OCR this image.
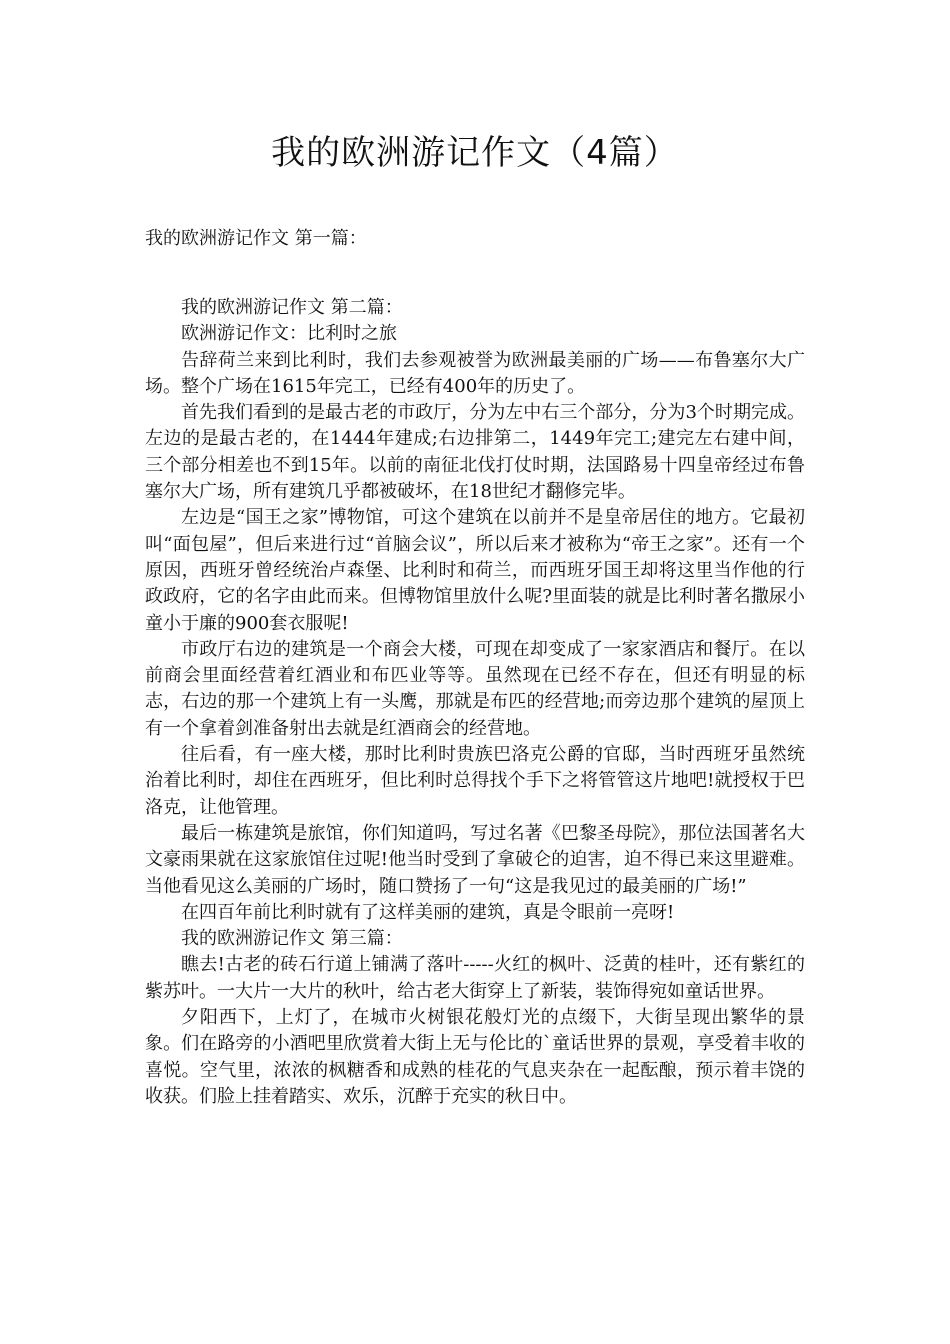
我的欧洲游记作文（4篇）

我的欧洲游记作文 第一篇：

我的欧洲游记作文 第二篇：

欧洲游记作文：比利时之旅

告辞荷兰来到比利时，我们去参观被誉为欧洲最美丽的广场——布鲁塞尔大广场。整个广场在1615年完工，已经有400年的历史了。

首先我们看到的是最古老的市政厅，分为左中右三个部分，分为3个时期完成。左边的是最古老的，在1444年建成;右边排第二，1449年完工;建完左右建中间，三个部分相差也不到15年。以前的南征北伐打仗时期，法国路易十四皇帝经过布鲁塞尔大广场，所有建筑几乎都被破坏，在18世纪才翻修完毕。

左边是“国王之家”博物馆，可这个建筑在以前并不是皇帝居住的地方。它最初叫“面包屋”，但后来进行过“首脑会议”，所以后来才被称为“帝王之家”。还有一个原因，西班牙曾经统治卢森堡、比利时和荷兰，而西班牙国王却将这里当作他的行政政府，它的名字由此而来。但博物馆里放什么呢?里面装的就是比利时著名撒尿小童小于廉的900套衣服呢!

市政厅右边的建筑是一个商会大楼，可现在却变成了一家家酒店和餐厅。在以前商会里面经营着红酒业和布匹业等等。虽然现在已经不存在，但还有明显的标志，右边的那一个建筑上有一头鹰，那就是布匹的经营地;而旁边那个建筑的屋顶上有一个拿着剑准备射出去就是红酒商会的经营地。

往后看，有一座大楼，那时比利时贵族巴洛克公爵的官邸，当时西班牙虽然统治着比利时，却住在西班牙，但比利时总得找个手下之将管管这片地吧!就授权于巴洛克，让他管理。

最后一栋建筑是旅馆，你们知道吗，写过名著《巴黎圣母院》，那位法国著名大文豪雨果就在这家旅馆住过呢!他当时受到了拿破仑的迫害，迫不得已来这里避难。当他看见这么美丽的广场时，随口赞扬了一句“这是我见过的最美丽的广场!”

在四百年前比利时就有了这样美丽的建筑，真是令眼前一亮呀!

我的欧洲游记作文 第三篇：

瞧去!古老的砖石行道上铺满了落叶-----火红的枫叶、泛黄的桂叶，还有紫红的紫苏叶。一大片一大片的秋叶，给古老大街穿上了新装，装饰得宛如童话世界。

夕阳西下，上灯了，在城市火树银花般灯光的点缀下，大街呈现出繁华的景象。们在路旁的小酒吧里欣赏着大街上无与伦比的`童话世界的景观，享受着丰收的喜悦。空气里，浓浓的枫糖香和成熟的桂花的气息夹杂在一起酝酿，预示着丰饶的收获。们脸上挂着踏实、欢乐，沉醉于充实的秋日中。
